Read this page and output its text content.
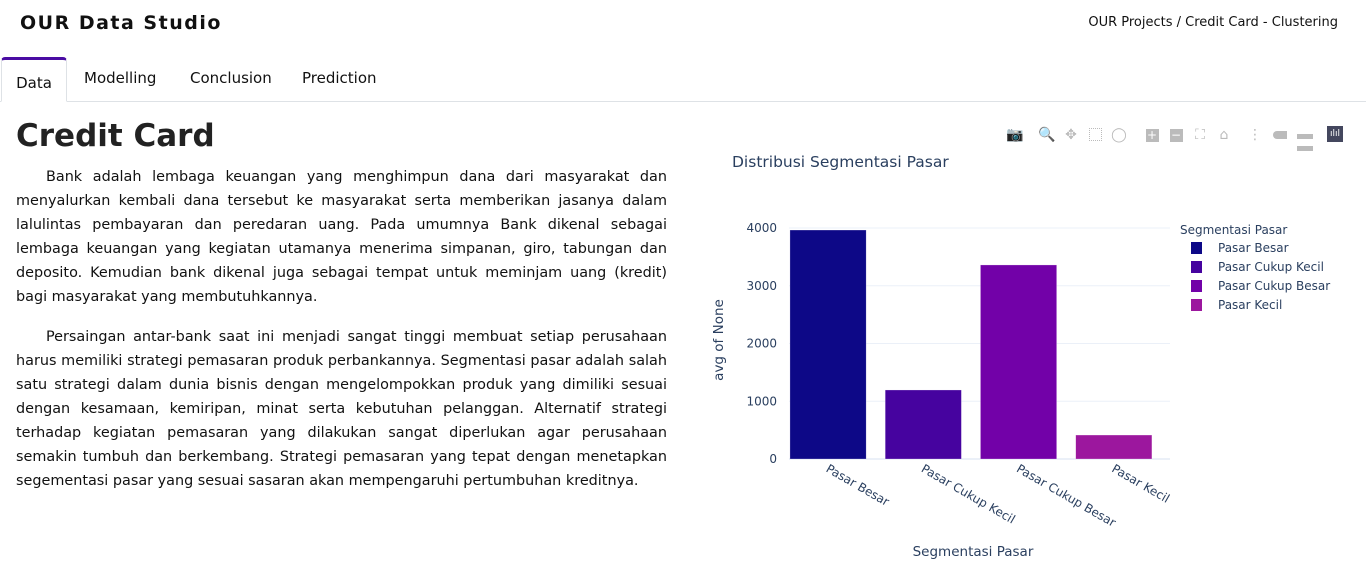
OUR Data Studio	OUR Projects / Credit Card - Clustering
Data	Modelling Conclusion Prediction
Credit Card

Bank adalah lembaga keuangan yang menghimpun dana dari masyarakat dan menyalurkan kembali dana tersebut ke masyarakat serta memberikan jasanya dalam lalulintas pembayaran dan peredaran uang. Pada umumnya Bank dikenal sebagai lembaga keuangan yang kegiatan utamanya menerima simpanan, giro, tabungan dan deposito. Kemudian bank dikenal juga sebagai tempat untuk meminjam uang (kredit) bagi masyarakat yang membutuhkannya.

Persaingan antar-bank saat ini menjadi sangat tinggi membuat setiap perusahaan harus memiliki strategi pemasaran produk perbankannya. Segmentasi pasar adalah salah satu strategi dalam dunia bisnis dengan mengelompokkan produk yang dimiliki sesuai dengan kesamaan, kemiripan, minat serta kebutuhan pelanggan. Alternatif strategi terhadap kegiatan pemasaran yang dilakukan sangat diperlukan agar perusahaan semakin tumbuh dan berkembang. Strategi pemasaran yang tepat dengan menetapkan segementasi pasar yang sesuai sasaran akan mempengaruhi pertumbuhan kreditnya.

📷 🔍 ✥ ◯	+	− ⛶	⌂	⋮	ılıl
Distribusi Segmentasi Pasar
0
1000
2000
3000
4000
Pasar Besar Pasar Cukup Kecil
Pasar Cukup Besar
Pasar Kecil
Segmentasi Pasar
avg of None
Segmentasi Pasar
Pasar Besar
Pasar Cukup Kecil
Pasar Cukup Besar
Pasar Kecil
